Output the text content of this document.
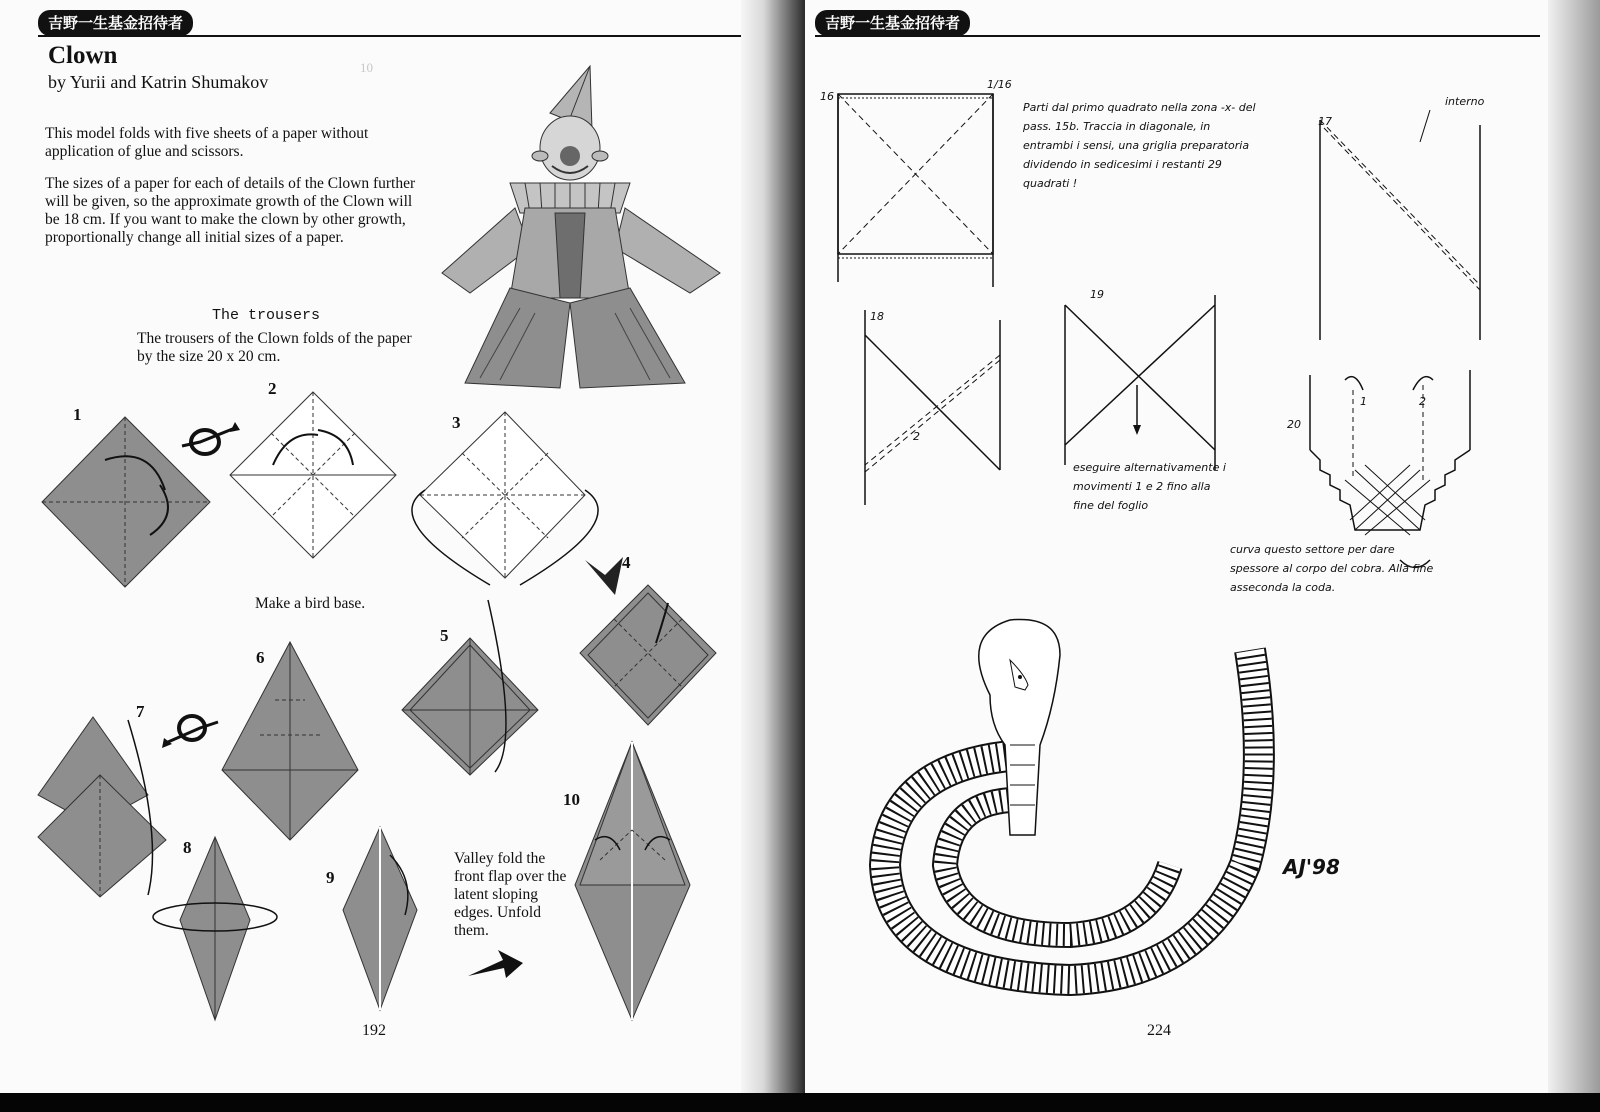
吉野一生基金招待者
10
Clown
by Yurii and Katrin Shumakov
This model folds with five sheets of a paper without application of glue and scissors.
The sizes of a paper for each of details of the Clown further will be given, so the approximate growth of the Clown will be 18 cm. If you want to make the clown by other growth, proportionally change all initial sizes of a paper.
The trousers
The trousers of the Clown folds of the paper by the size 20 x 20 cm.
1
2
3
Make a bird base.
4
5
6
7
8
9
Valley fold the front flap over the latent sloping edges. Unfold them.
10
192
吉野一生基金招待者
16
1/16
Parti dal primo quadrato nella zona -x- del pass. 15b. Traccia in diagonale, in entrambi i sensi, una griglia preparatoria dividendo in sedicesimi i restanti 29 quadrati !
17
interno
18
2
19
eseguire alternativamente i movimenti 1 e 2 fino alla fine del foglio
20
1	2
curva questo settore per dare spessore al corpo del cobra. Alla fine asseconda la coda.
AJ'98
224
